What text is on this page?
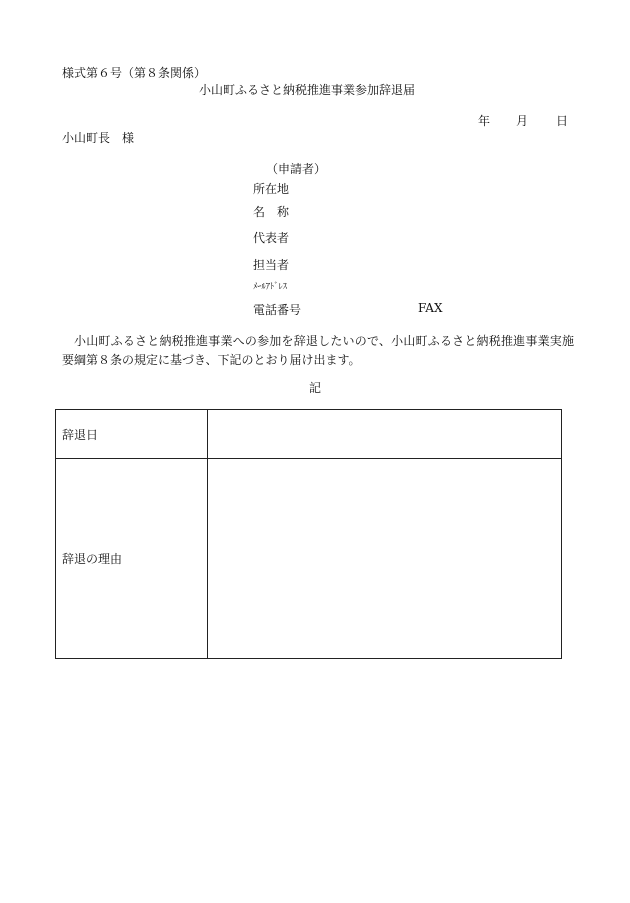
様式第６号（第８条関係）
小山町ふるさと納税推進事業参加辞退届
年 月 日
小山町長　様
（申請者）
所在地
名　称
代表者
担当者
ﾒｰﾙｱﾄﾞﾚｽ
電話番号	FAX
小山町ふるさと納税推進事業への参加を辞退したいので、小山町ふるさと納税推進事業実施要綱第８条の規定に基づき、下記のとおり届け出ます。
記
辞退日	
辞退の理由	
